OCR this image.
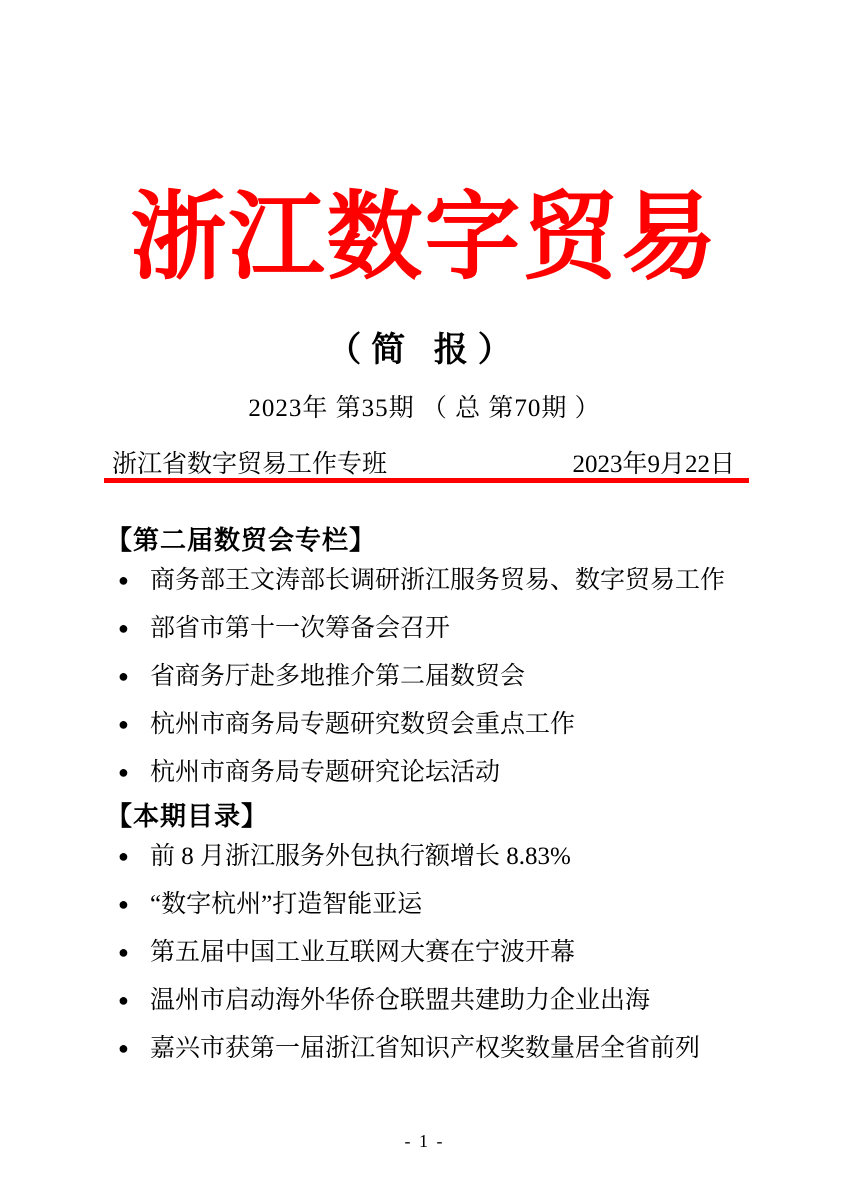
浙江数字贸易
（简 报）
2023年 第35期 （ 总 第70期 ）
浙江省数字贸易工作专班	2023年9月22日
【第二届数贸会专栏】
● 商务部王文涛部长调研浙江服务贸易、数字贸易工作
● 部省市第十一次筹备会召开
● 省商务厅赴多地推介第二届数贸会
● 杭州市商务局专题研究数贸会重点工作
● 杭州市商务局专题研究论坛活动
【本期目录】
● 前 8 月浙江服务外包执行额增长 8.83%
● “数字杭州”打造智能亚运
● 第五届中国工业互联网大赛在宁波开幕
● 温州市启动海外华侨仓联盟共建助力企业出海
● 嘉兴市获第一届浙江省知识产权奖数量居全省前列
- 1 -
